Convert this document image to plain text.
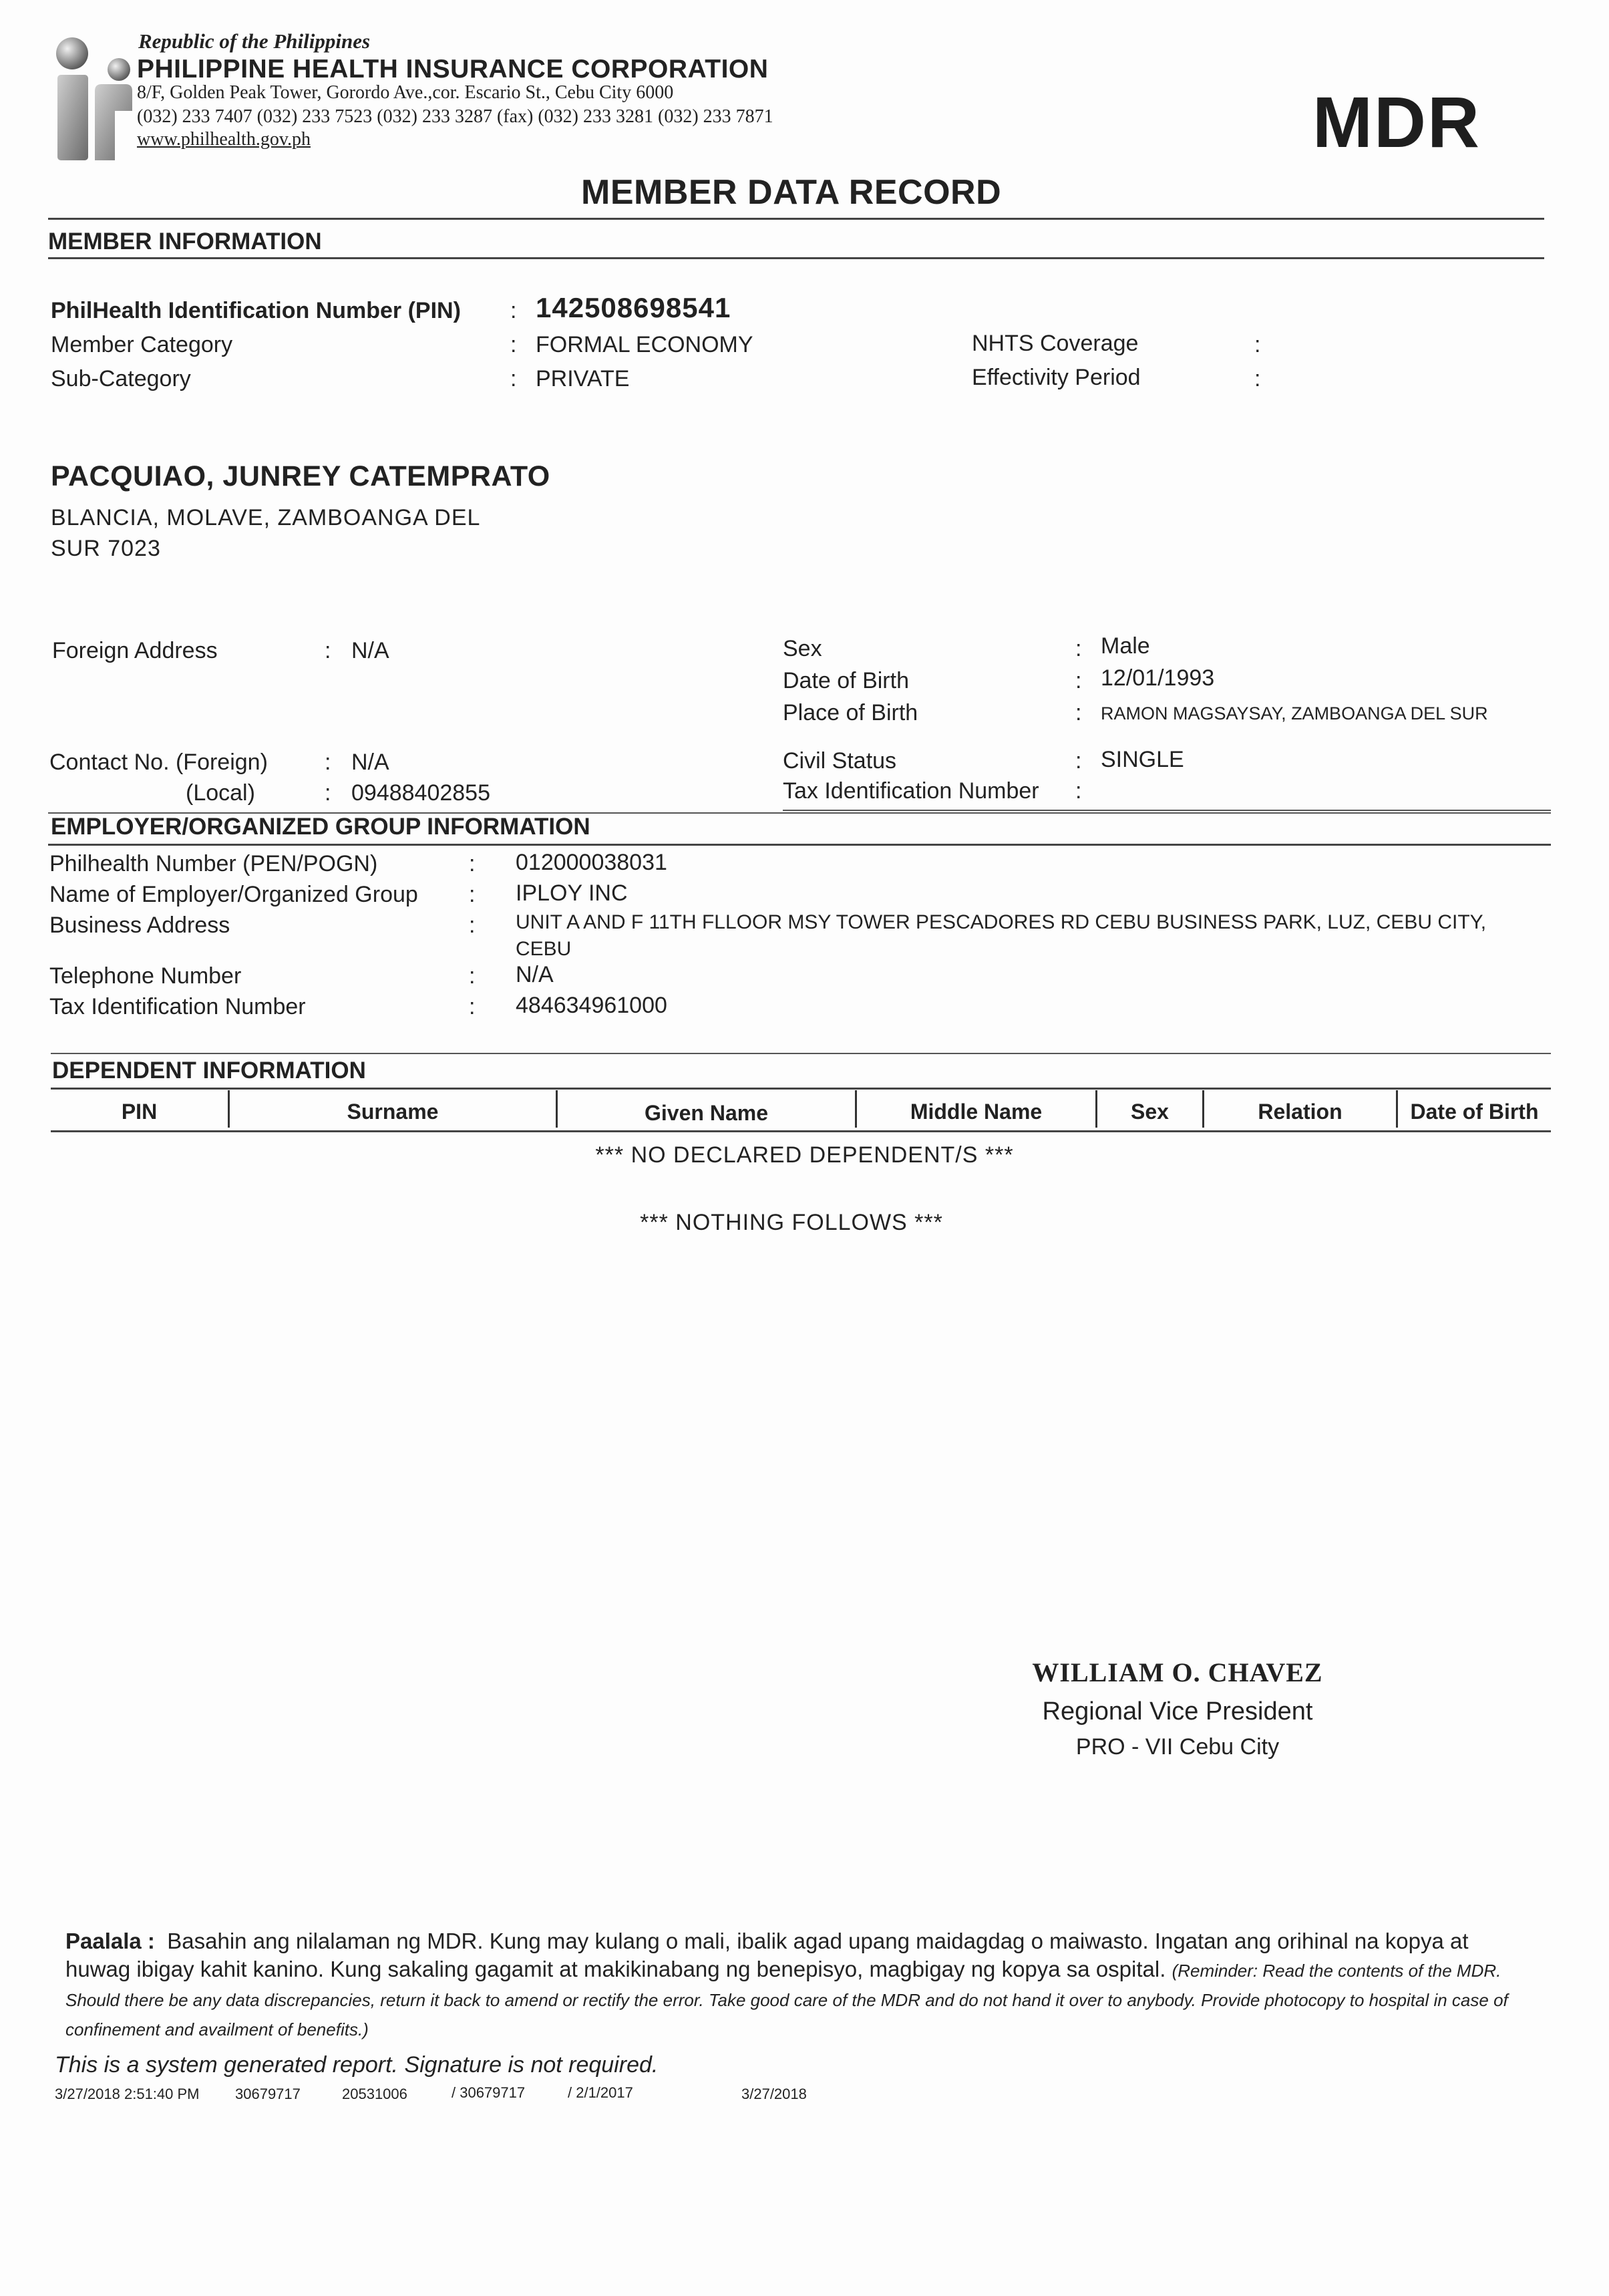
Republic of the Philippines
PHILIPPINE HEALTH INSURANCE CORPORATION
8/F, Golden Peak Tower, Gorordo Ave.,cor. Escario St., Cebu City 6000
(032) 233 7407 (032) 233 7523 (032) 233 3287 (fax) (032) 233 3281 (032) 233 7871
www.philhealth.gov.ph	MDR
MEMBER DATA RECORD
MEMBER INFORMATION
PhilHealth Identification Number (PIN) : 142508698541
Member Category	: FORMAL ECONOMY
Sub-Category	: PRIVATE
NHTS Coverage	:
Effectivity Period	:
PACQUIAO, JUNREY CATEMPRATO
BLANCIA, MOLAVE, ZAMBOANGA DEL
SUR 7023
Foreign Address	: N/A	Sex	: Male
Date of Birth	: 12/01/1993
Place of Birth	: RAMON MAGSAYSAY, ZAMBOANGA DEL SUR
Contact No. (Foreign)	: N/A
(Local)	: 09488402855
Civil Status	: SINGLE
Tax Identification Number :
EMPLOYER/ORGANIZED GROUP INFORMATION
Philhealth Number (PEN/POGN)	: 012000038031
Name of Employer/Organized Group : IPLOY INC
Business Address	: UNIT A AND F 11TH FLLOOR MSY TOWER PESCADORES RD CEBU BUSINESS PARK, LUZ, CEBU CITY,
CEBU
Telephone Number	: N/A
Tax Identification Number	: 484634961000
DEPENDENT INFORMATION
PIN	Surname	Given Name	Middle Name	Sex	Relation	Date of Birth
*** NO DECLARED DEPENDENT/S ***
*** NOTHING FOLLOWS ***
WILLIAM O. CHAVEZ
Regional Vice President
PRO - VII Cebu City
Paalala : Basahin ang nilalaman ng MDR. Kung may kulang o mali, ibalik agad upang maidagdag o maiwasto. Ingatan ang orihinal na kopya at huwag ibigay kahit kanino. Kung sakaling gagamit at makikinabang ng benepisyo, magbigay ng kopya sa ospital. (Reminder: Read the contents of the MDR. Should there be any data discrepancies, return it back to amend or rectify the error. Take good care of the MDR and do not hand it over to anybody. Provide photocopy to hospital in case of confinement and availment of benefits.)
This is a system generated report. Signature is not required.
3/27/2018 2:51:40 PM 30679717	20531006	/ 30679717	/ 2/1/2017	3/27/2018
